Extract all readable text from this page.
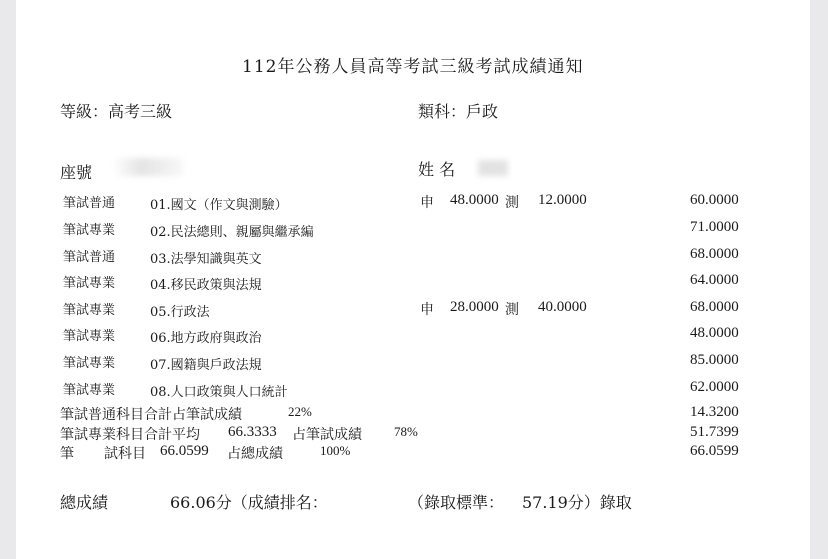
112年公務人員高等考試三級考試成績通知
等級：高考三級	類科：戶政
座號	姓 名
筆試普通	01.國文（作文與測驗）	申 48.0000 測 12.0000	60.0000
筆試專業	02.民法總則、親屬與繼承編	71.0000
筆試普通	03.法學知識與英文	68.0000
筆試專業	04.移民政策與法規	64.0000
筆試專業	05.行政法	申 28.0000 測 40.0000	68.0000
筆試專業	06.地方政府與政治	48.0000
筆試專業	07.國籍與戶政法規	85.0000
筆試專業	08.人口政策與人口統計	62.0000
筆試普通科目合計占筆試成績	22%	14.3200
筆試專業科目合計平均 66.3333 占筆試成績 78%	51.7399
筆 試科目 66.0599 占總成績	100%	66.0599
總成績	66.06分（成績排名：	（錄取標準： 57.19分）錄取
